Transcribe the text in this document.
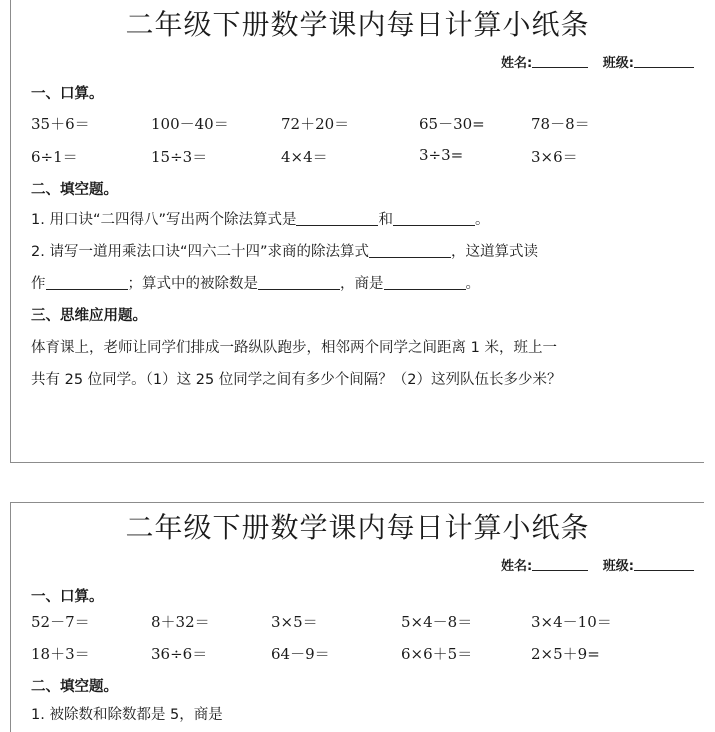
二年级下册数学课内每日计算小纸条
姓名:	班级:
一、口算。
35＋6＝	100－40＝	72＋20＝	65－30=	78－8＝
6÷1＝	15÷3＝	4×4＝	3÷3=	3×6＝
二、填空题。
1. 用口诀“二四得八”写出两个除法算式是	和	。
2. 请写一道用乘法口诀“四六二十四”求商的除法算式	，这道算式读
作	；算式中的被除数是	，商是	。
三、思维应用题。
体育课上，老师让同学们排成一路纵队跑步，相邻两个同学之间距离 1 米，班上一
共有 25 位同学。（1）这 25 位同学之间有多少个间隔？（2）这列队伍长多少米？
二年级下册数学课内每日计算小纸条
姓名:	班级:
一、口算。
52－7＝	8＋32＝	3×5＝	5×4－8＝	3×4－10＝
18＋3＝	36÷6＝	64－9＝	6×6＋5＝	2×5＋9=
二、填空题。
1. 被除数和除数都是 5，商是
